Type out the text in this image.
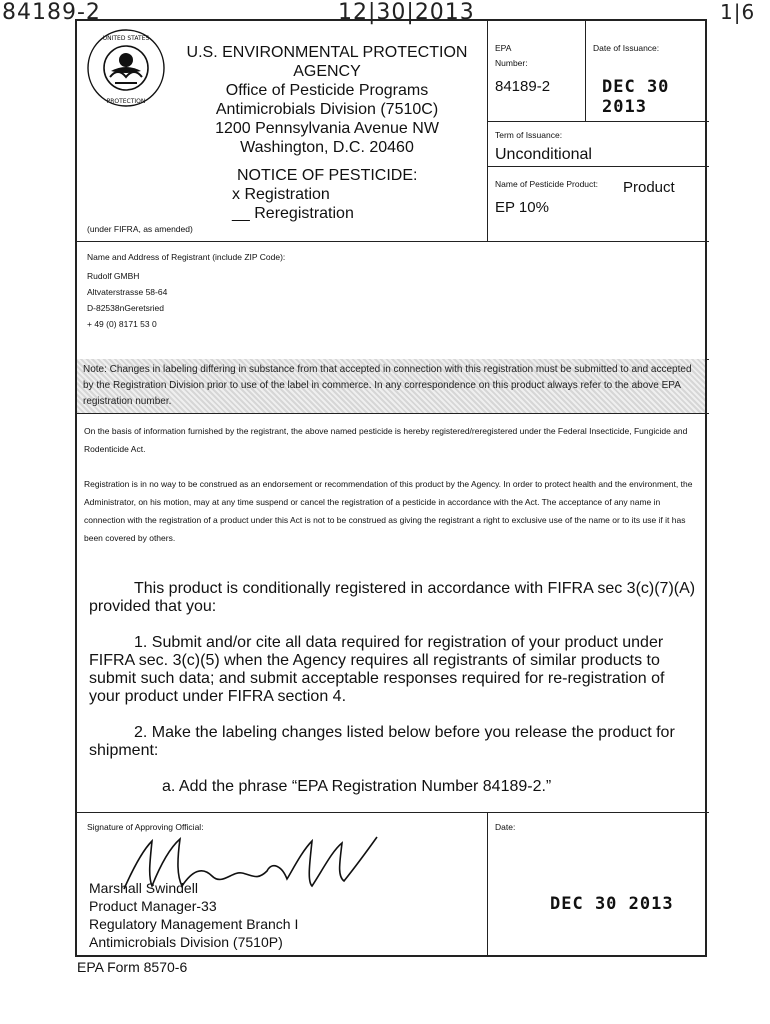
84189-2	12|30|2013	1|6
UNITED STATES
PROTECTION
U.S. ENVIRONMENTAL PROTECTION
AGENCY
Office of Pesticide Programs
Antimicrobials Division (7510C)
1200 Pennsylvania Avenue NW
Washington, D.C. 20460
NOTICE OF PESTICIDE:
x Registration
__ Reregistration
(under FIFRA, as amended)
EPA
Number:
84189-2
Date of Issuance:
DEC 30 2013
Term of Issuance:
Unconditional
Name of Pesticide Product: Product
EP 10%
Name and Address of Registrant (include ZIP Code):
Rudolf GMBH
Altvaterstrasse 58-64
D-82538nGeretsried
+ 49 (0) 8171 53 0
Note: Changes in labeling differing in substance from that accepted in connection with this registration must be submitted to and accepted by the Registration Division prior to use of the label in commerce. In any correspondence on this product always refer to the above EPA registration number.
On the basis of information furnished by the registrant, the above named pesticide is hereby registered/reregistered under the Federal Insecticide, Fungicide and Rodenticide Act.
Registration is in no way to be construed as an endorsement or recommendation of this product by the Agency. In order to protect health and the environment, the Administrator, on his motion, may at any time suspend or cancel the registration of a pesticide in accordance with the Act. The acceptance of any name in connection with the registration of a product under this Act is not to be construed as giving the registrant a right to exclusive use of the name or to its use if it has been covered by others.
This product is conditionally registered in accordance with FIFRA sec 3(c)(7)(A) provided that you:
1. Submit and/or cite all data required for registration of your product under FIFRA sec. 3(c)(5) when the Agency requires all registrants of similar products to submit such data; and submit acceptable responses required for re-registration of your product under FIFRA section 4.
2. Make the labeling changes listed below before you release the product for shipment:
a. Add the phrase “EPA Registration Number 84189-2.”
Signature of Approving Official:
Marshall Swindell
Product Manager-33
Regulatory Management Branch I
Antimicrobials Division (7510P)
Date:
DEC 30 2013
EPA Form 8570-6
